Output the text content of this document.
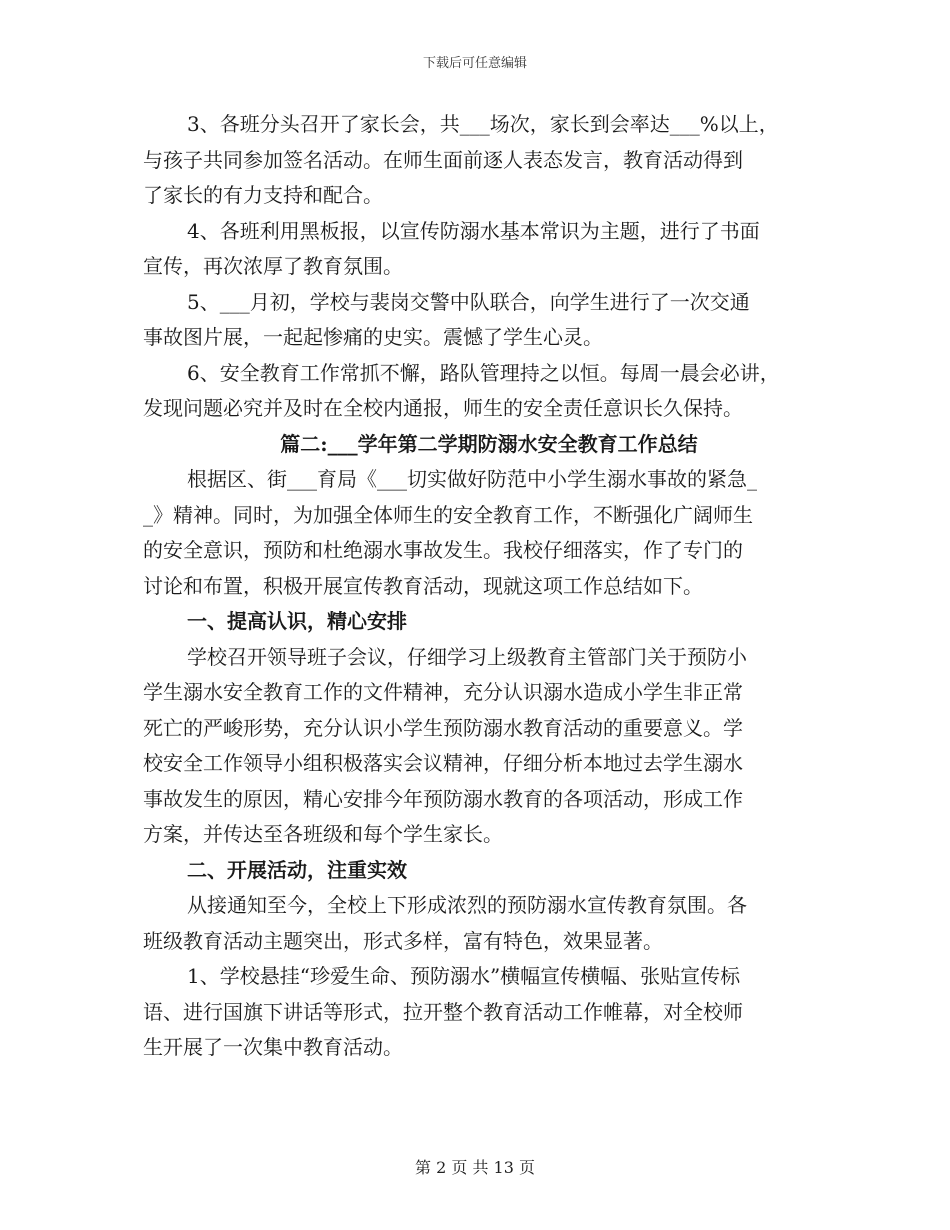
下载后可任意编辑
3、各班分头召开了家长会，共___场次，家长到会率达___%以上，
与孩子共同参加签名活动。在师生面前逐人表态发言，教育活动得到
了家长的有力支持和配合。
4、各班利用黑板报，以宣传防溺水基本常识为主题，进行了书面
宣传，再次浓厚了教育氛围。
5、___月初，学校与裴岗交警中队联合，向学生进行了一次交通
事故图片展，一起起惨痛的史实。震憾了学生心灵。
6、安全教育工作常抓不懈，路队管理持之以恒。每周一晨会必讲，
发现问题必究并及时在全校内通报，师生的安全责任意识长久保持。
篇二:___学年第二学期防溺水安全教育工作总结
根据区、街___育局《___切实做好防范中小学生溺水事故的紧急_
_》精神。同时，为加强全体师生的安全教育工作，不断强化广阔师生
的安全意识，预防和杜绝溺水事故发生。我校仔细落实，作了专门的
讨论和布置，积极开展宣传教育活动，现就这项工作总结如下。
一、提高认识，精心安排
学校召开领导班子会议，仔细学习上级教育主管部门关于预防小
学生溺水安全教育工作的文件精神，充分认识溺水造成小学生非正常
死亡的严峻形势，充分认识小学生预防溺水教育活动的重要意义。学
校安全工作领导小组积极落实会议精神，仔细分析本地过去学生溺水
事故发生的原因，精心安排今年预防溺水教育的各项活动，形成工作
方案，并传达至各班级和每个学生家长。
二、开展活动，注重实效
从接通知至今，全校上下形成浓烈的预防溺水宣传教育氛围。各
班级教育活动主题突出，形式多样，富有特色，效果显著。
1、学校悬挂“珍爱生命、预防溺水”横幅宣传横幅、张贴宣传标
语、进行国旗下讲话等形式，拉开整个教育活动工作帷幕，对全校师
生开展了一次集中教育活动。
第 2 页 共 13 页
